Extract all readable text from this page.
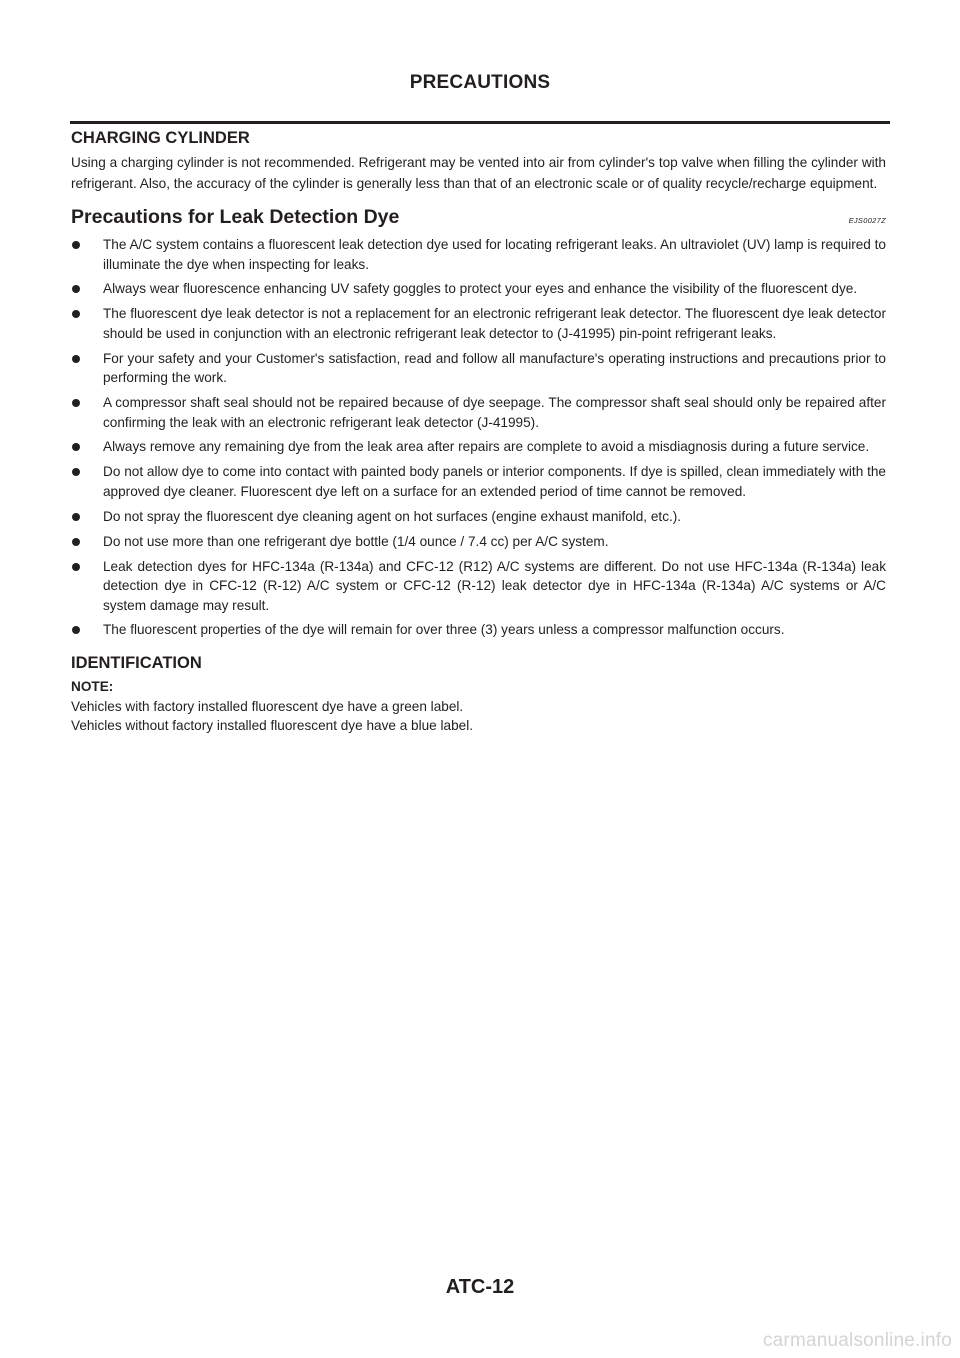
PRECAUTIONS
CHARGING CYLINDER

Using a charging cylinder is not recommended. Refrigerant may be vented into air from cylinder's top valve when filling the cylinder with refrigerant. Also, the accuracy of the cylinder is generally less than that of an electronic scale or of quality recycle/recharge equipment.

Precautions for Leak Detection Dye	EJS0027Z
The A/C system contains a fluorescent leak detection dye used for locating refrigerant leaks. An ultraviolet (UV) lamp is required to illuminate the dye when inspecting for leaks.
Always wear fluorescence enhancing UV safety goggles to protect your eyes and enhance the visibility of the fluorescent dye.
The fluorescent dye leak detector is not a replacement for an electronic refrigerant leak detector. The fluorescent dye leak detector should be used in conjunction with an electronic refrigerant leak detector to (J-41995) pin-point refrigerant leaks.
For your safety and your Customer's satisfaction, read and follow all manufacture's operating instructions and precautions prior to performing the work.
A compressor shaft seal should not be repaired because of dye seepage. The compressor shaft seal should only be repaired after confirming the leak with an electronic refrigerant leak detector (J-41995).
Always remove any remaining dye from the leak area after repairs are complete to avoid a misdiagnosis during a future service.
Do not allow dye to come into contact with painted body panels or interior components. If dye is spilled, clean immediately with the approved dye cleaner. Fluorescent dye left on a surface for an extended period of time cannot be removed.
Do not spray the fluorescent dye cleaning agent on hot surfaces (engine exhaust manifold, etc.).
Do not use more than one refrigerant dye bottle (1/4 ounce / 7.4 cc) per A/C system.
Leak detection dyes for HFC-134a (R-134a) and CFC-12 (R12) A/C systems are different. Do not use HFC-134a (R-134a) leak detection dye in CFC-12 (R-12) A/C system or CFC-12 (R-12) leak detector dye in HFC-134a (R-134a) A/C systems or A/C system damage may result.
The fluorescent properties of the dye will remain for over three (3) years unless a compressor malfunction occurs.
IDENTIFICATION
NOTE:
Vehicles with factory installed fluorescent dye have a green label.
Vehicles without factory installed fluorescent dye have a blue label.
ATC-12
carmanualsonline.info
